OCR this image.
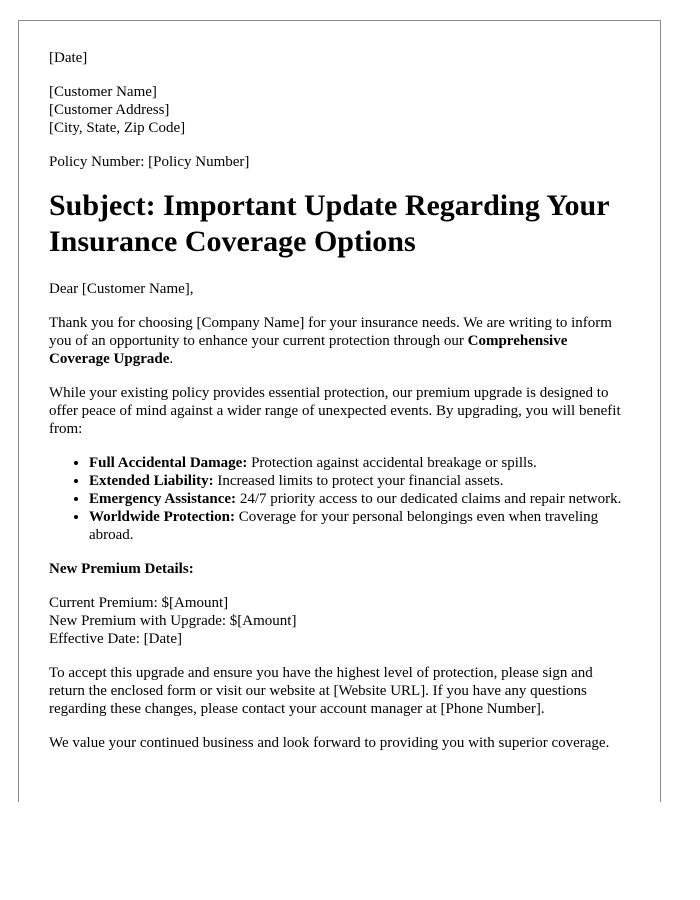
[Date]

[Customer Name]
[Customer Address]
[City, State, Zip Code]

Policy Number: [Policy Number]

Subject: Important Update Regarding Your Insurance Coverage Options

Dear [Customer Name],

Thank you for choosing [Company Name] for your insurance needs. We are writing to inform you of an opportunity to enhance your current protection through our Comprehensive Coverage Upgrade.

While your existing policy provides essential protection, our premium upgrade is designed to offer peace of mind against a wider range of unexpected events. By upgrading, you will benefit from:

• Full Accidental Damage: Protection against accidental breakage or spills.
• Extended Liability: Increased limits to protect your financial assets.
• Emergency Assistance: 24/7 priority access to our dedicated claims and repair network.
• Worldwide Protection: Coverage for your personal belongings even when traveling abroad.

New Premium Details:

Current Premium: $[Amount]
New Premium with Upgrade: $[Amount]
Effective Date: [Date]

To accept this upgrade and ensure you have the highest level of protection, please sign and return the enclosed form or visit our website at [Website URL]. If you have any questions regarding these changes, please contact your account manager at [Phone Number].

We value your continued business and look forward to providing you with superior coverage.
